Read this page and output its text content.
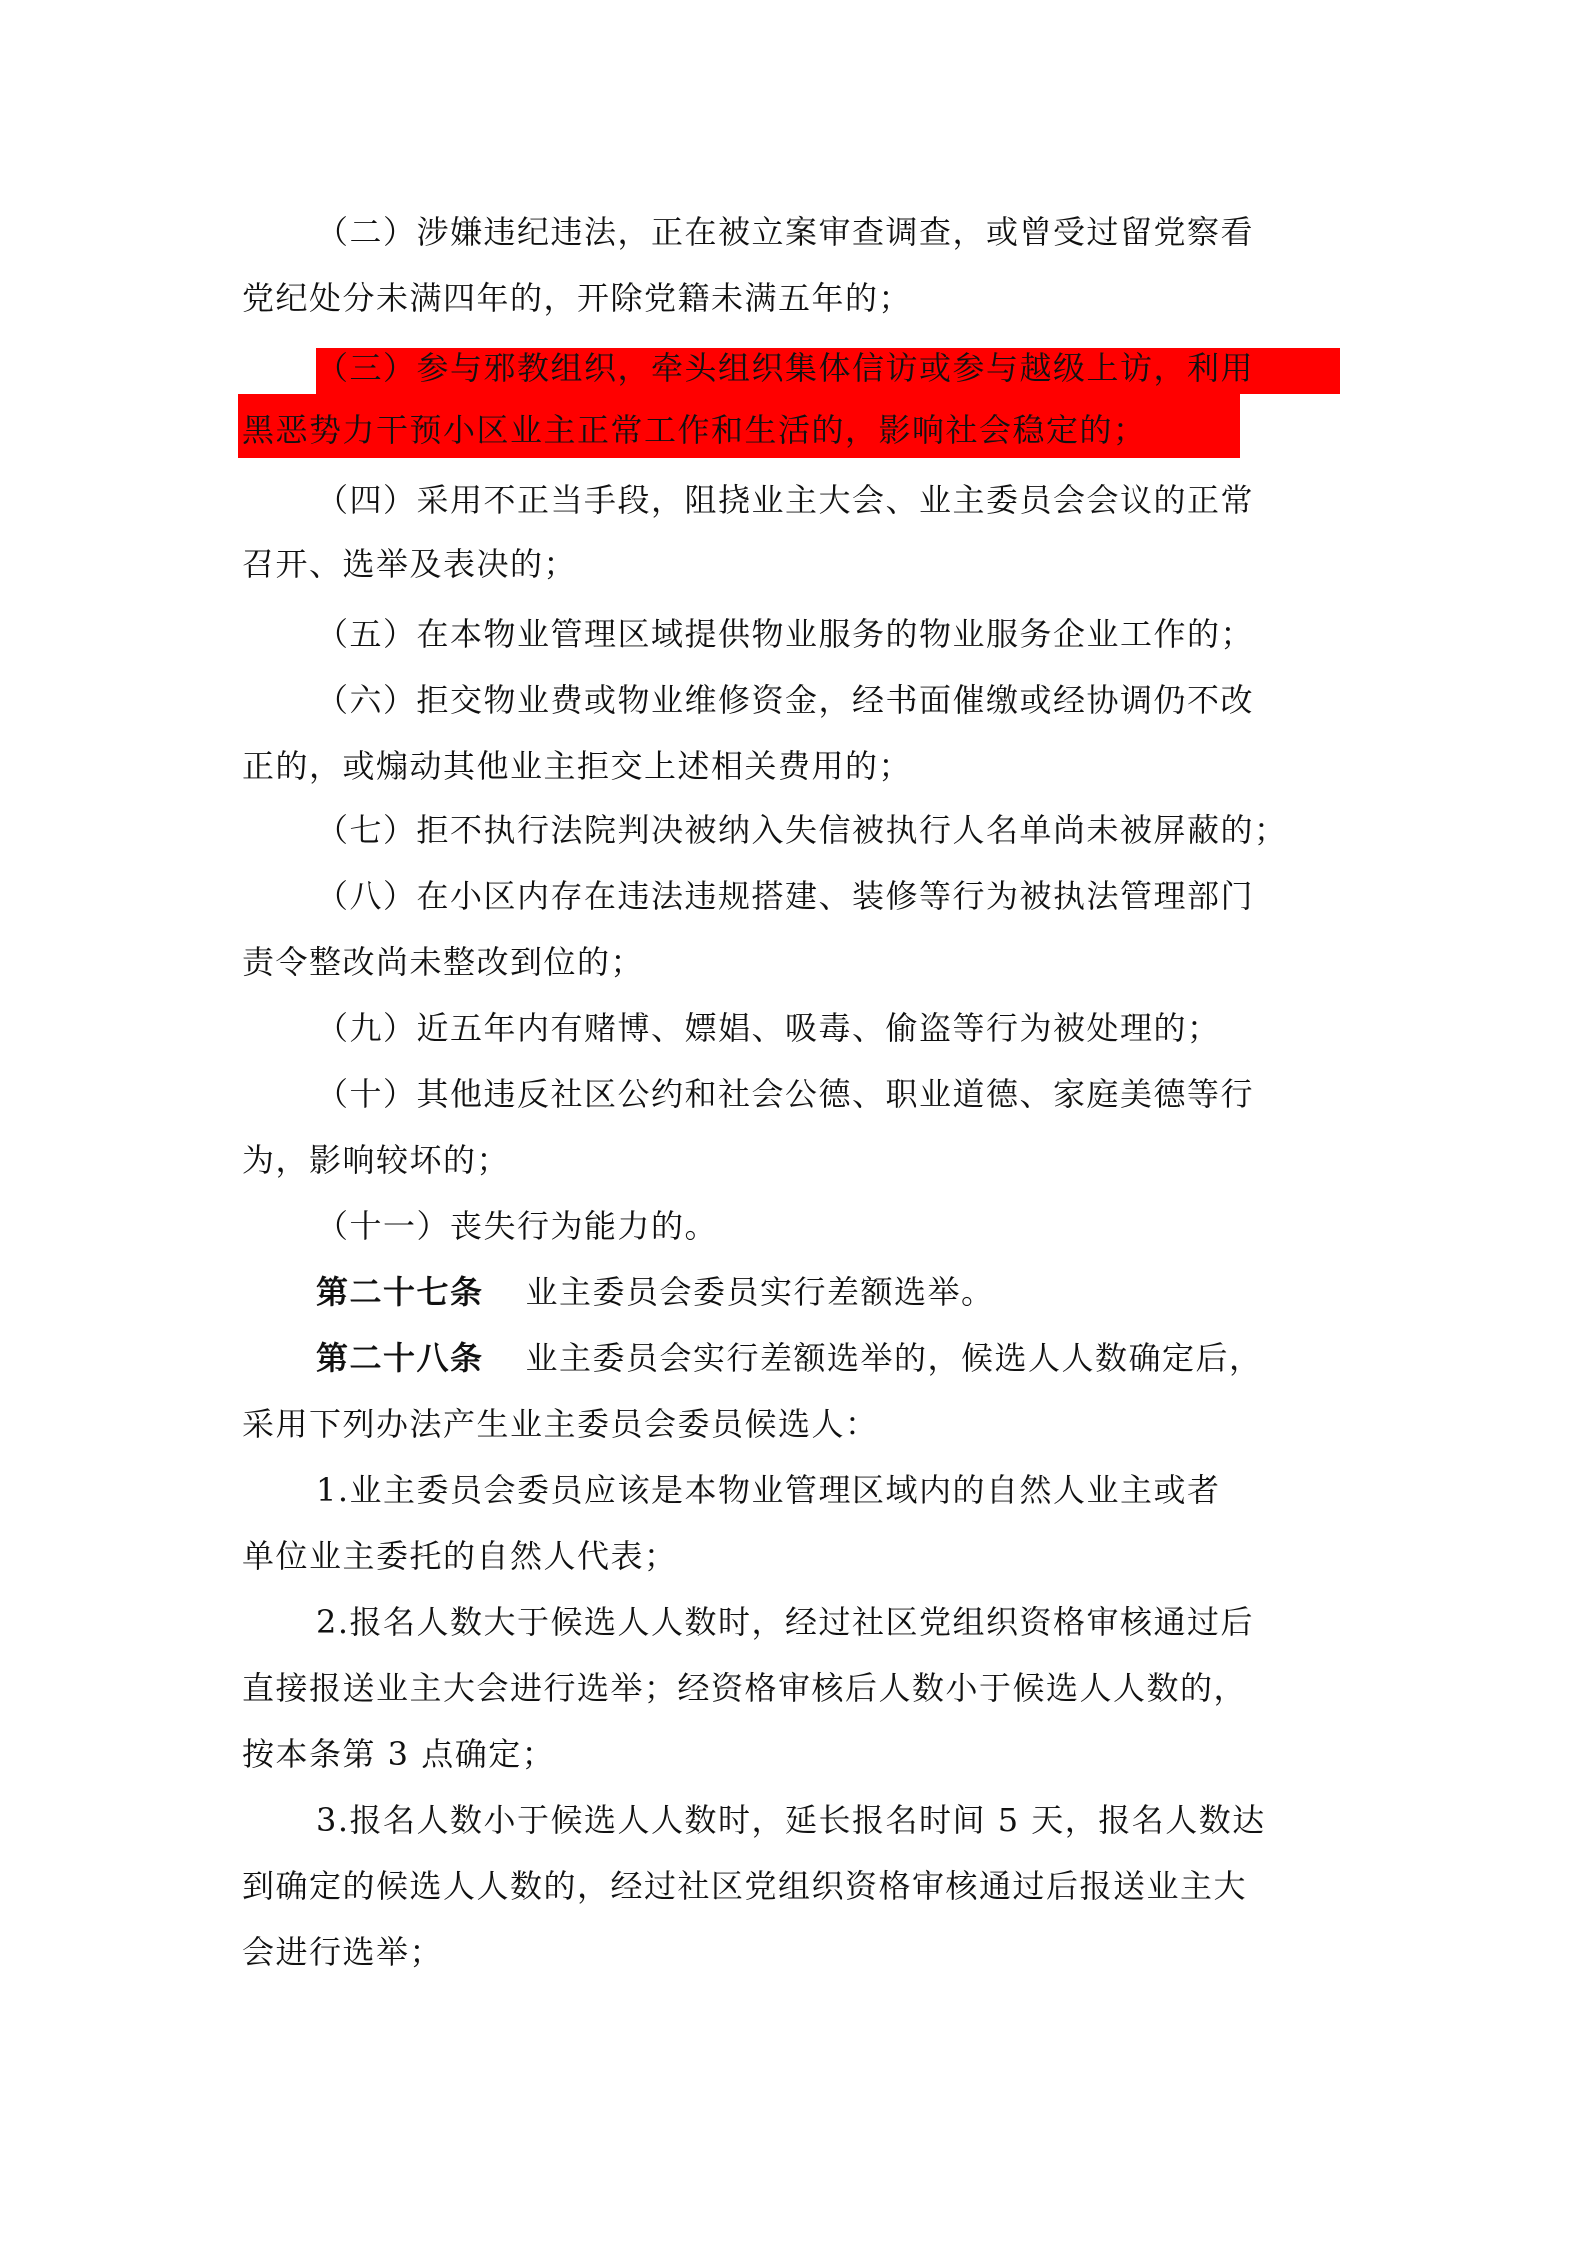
（二）涉嫌违纪违法，正在被立案审查调查，或曾受过留党察看
党纪处分未满四年的，开除党籍未满五年的；
（三）参与邪教组织，牵头组织集体信访或参与越级上访，利用
黑恶势力干预小区业主正常工作和生活的，影响社会稳定的；
（四）采用不正当手段，阻挠业主大会、业主委员会会议的正常
召开、选举及表决的；
（五）在本物业管理区域提供物业服务的物业服务企业工作的；
（六）拒交物业费或物业维修资金，经书面催缴或经协调仍不改
正的，或煽动其他业主拒交上述相关费用的；
（七）拒不执行法院判决被纳入失信被执行人名单尚未被屏蔽的；
（八）在小区内存在违法违规搭建、装修等行为被执法管理部门
责令整改尚未整改到位的；
（九）近五年内有赌博、嫖娼、吸毒、偷盗等行为被处理的；
（十）其他违反社区公约和社会公德、职业道德、家庭美德等行
为，影响较坏的；
（十一）丧失行为能力的。
第二十七条 业主委员会委员实行差额选举。
第二十八条 业主委员会实行差额选举的，候选人人数确定后，
采用下列办法产生业主委员会委员候选人：
1.业主委员会委员应该是本物业管理区域内的自然人业主或者
单位业主委托的自然人代表；
2.报名人数大于候选人人数时，经过社区党组织资格审核通过后
直接报送业主大会进行选举；经资格审核后人数小于候选人人数的，
按本条第 3 点确定；
3.报名人数小于候选人人数时，延长报名时间 5 天，报名人数达
到确定的候选人人数的，经过社区党组织资格审核通过后报送业主大
会进行选举；
